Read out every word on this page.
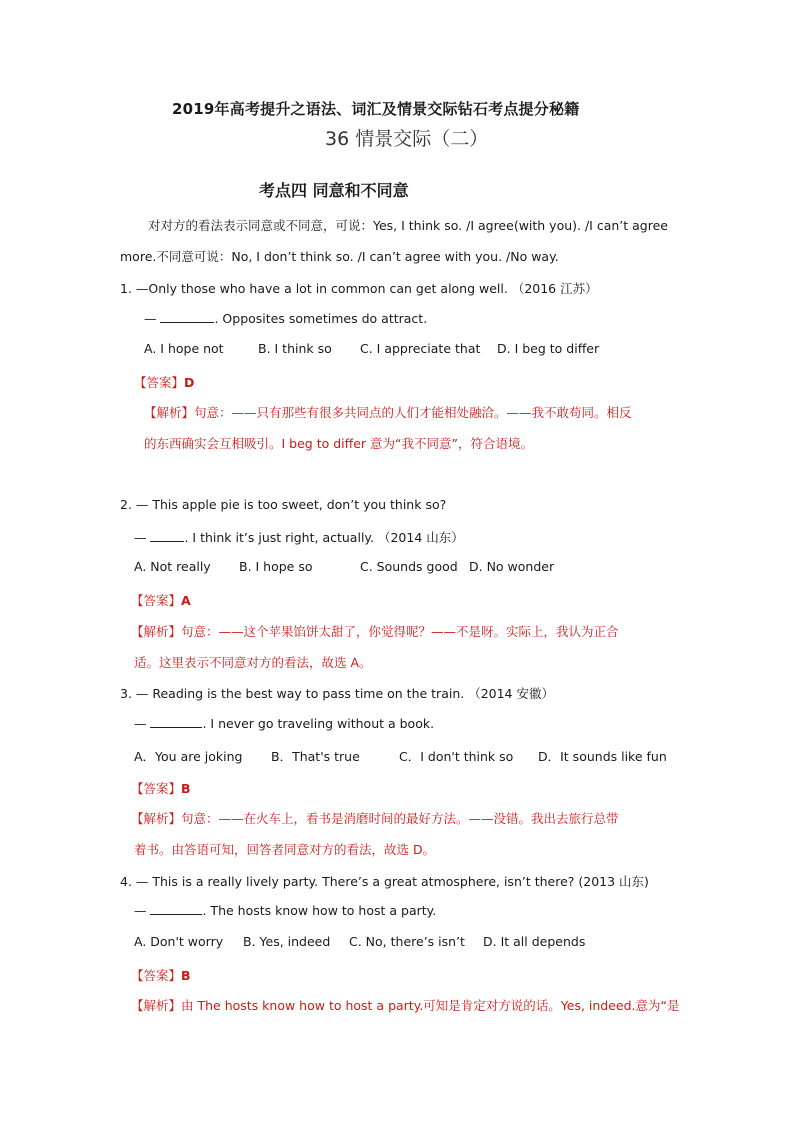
2019年高考提升之语法、词汇及情景交际钻石考点提分秘籍
36 情景交际（二）
考点四 同意和不同意
对对方的看法表示同意或不同意，可说：Yes, I think so. /I agree(with you). /I can’t agree
more.不同意可说：No, I don’t think so. /I can’t agree with you. /No way.
1. —Only those who have a lot in common can get along well. （2016 江苏）
—	. Opposites sometimes do attract.
A. I hope not	B. I think so C. I appreciate that D. I beg to differ
【答案】D
【解析】句意：——只有那些有很多共同点的人们才能相处融洽。——我不敢苟同。相反
的东西确实会互相吸引。I beg to differ 意为“我不同意”，符合语境。
2. — This apple pie is too sweet, don’t you think so?
—	. I think it’s just right, actually. （2014 山东）
A. Not really B. I hope so	C. Sounds good D. No wonder
【答案】A
【解析】句意：——这个苹果馅饼太甜了，你觉得呢？——不是呀。实际上，我认为正合
适。这里表示不同意对方的看法，故选 A。
3. — Reading is the best way to pass time on the train. （2014 安徽）
—	. I never go traveling without a book.
A．You are joking B．That's true	C．I don't think so D．It sounds like fun
【答案】B
【解析】句意：——在火车上，看书是消磨时间的最好方法。——没错。我出去旅行总带
着书。由答语可知，回答者同意对方的看法，故选 D。
4. — This is a really lively party. There’s a great atmosphere, isn’t there? (2013 山东)
—	. The hosts know how to host a party.
A. Don't worry B. Yes, indeed C. No, there’s isn’t D. It all depends
【答案】B
【解析】由 The hosts know how to host a party.可知是肯定对方说的话。Yes, indeed.意为“是
